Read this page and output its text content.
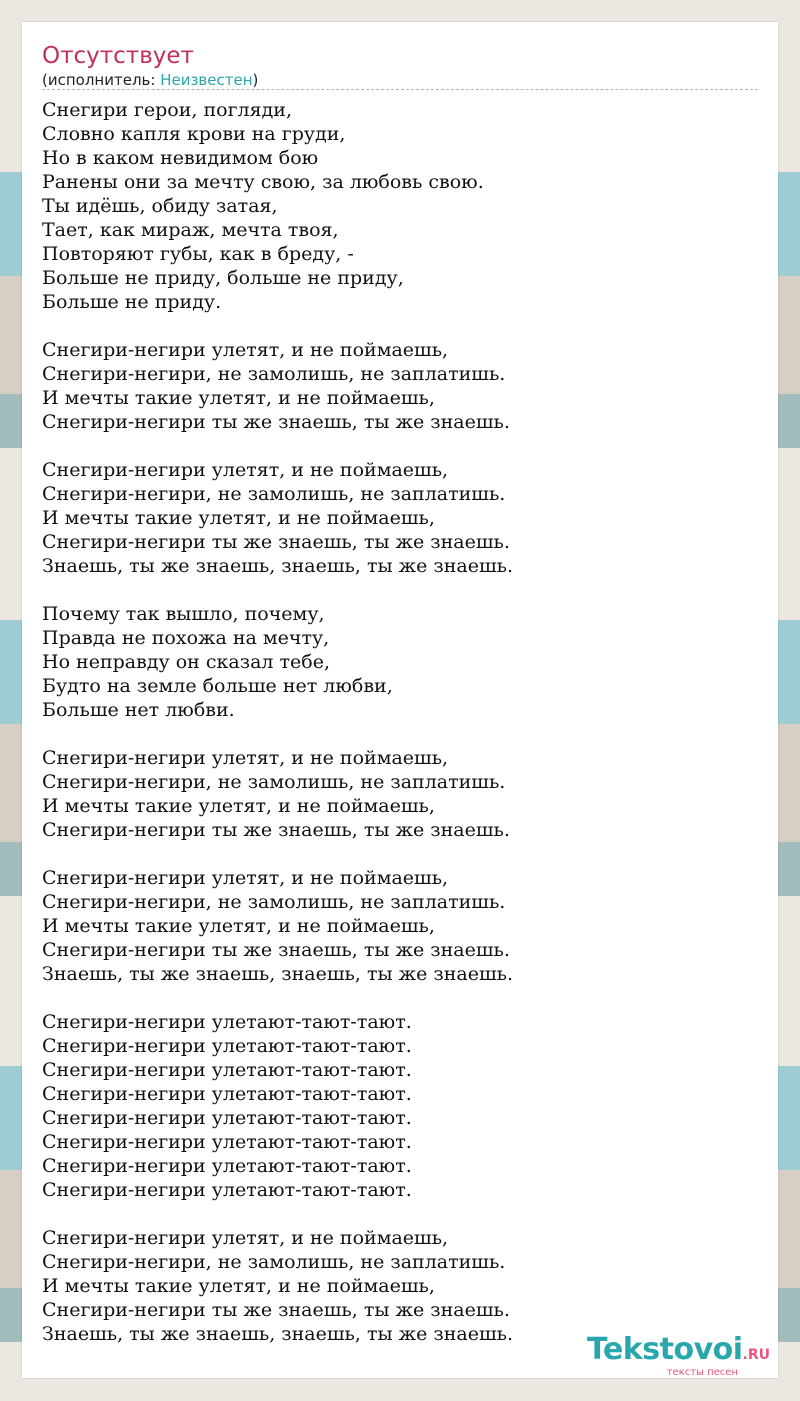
Отсутствует
(исполнитель: Неизвестен)
Снегири герои, погляди,
Словно капля крови на груди,
Но в каком невидимом бою
Ранены они за мечту свою, за любовь свою.
Ты идёшь, обиду затая,
Тает, как мираж, мечта твоя,
Повторяют губы, как в бреду, -
Больше не приду, больше не приду,
Больше не приду.
Снегири-негири улетят, и не поймаешь,
Снегири-негири, не замолишь, не заплатишь.
И мечты такие улетят, и не поймаешь,
Снегири-негири ты же знаешь, ты же знаешь.
Снегири-негири улетят, и не поймаешь,
Снегири-негири, не замолишь, не заплатишь.
И мечты такие улетят, и не поймаешь,
Снегири-негири ты же знаешь, ты же знаешь.
Знаешь, ты же знаешь, знаешь, ты же знаешь.
Почему так вышло, почему,
Правда не похожа на мечту,
Но неправду он сказал тебе,
Будто на земле больше нет любви,
Больше нет любви.
Снегири-негири улетят, и не поймаешь,
Снегири-негири, не замолишь, не заплатишь.
И мечты такие улетят, и не поймаешь,
Снегири-негири ты же знаешь, ты же знаешь.
Снегири-негири улетят, и не поймаешь,
Снегири-негири, не замолишь, не заплатишь.
И мечты такие улетят, и не поймаешь,
Снегири-негири ты же знаешь, ты же знаешь.
Знаешь, ты же знаешь, знаешь, ты же знаешь.
Снегири-негири улетают-тают-тают.
Снегири-негири улетают-тают-тают.
Снегири-негири улетают-тают-тают.
Снегири-негири улетают-тают-тают.
Снегири-негири улетают-тают-тают.
Снегири-негири улетают-тают-тают.
Снегири-негири улетают-тают-тают.
Снегири-негири улетают-тают-тают.
Снегири-негири улетят, и не поймаешь,
Снегири-негири, не замолишь, не заплатишь.
И мечты такие улетят, и не поймаешь,
Снегири-негири ты же знаешь, ты же знаешь.
Знаешь, ты же знаешь, знаешь, ты же знаешь.	Tekstovoi.RU
тексты песен
